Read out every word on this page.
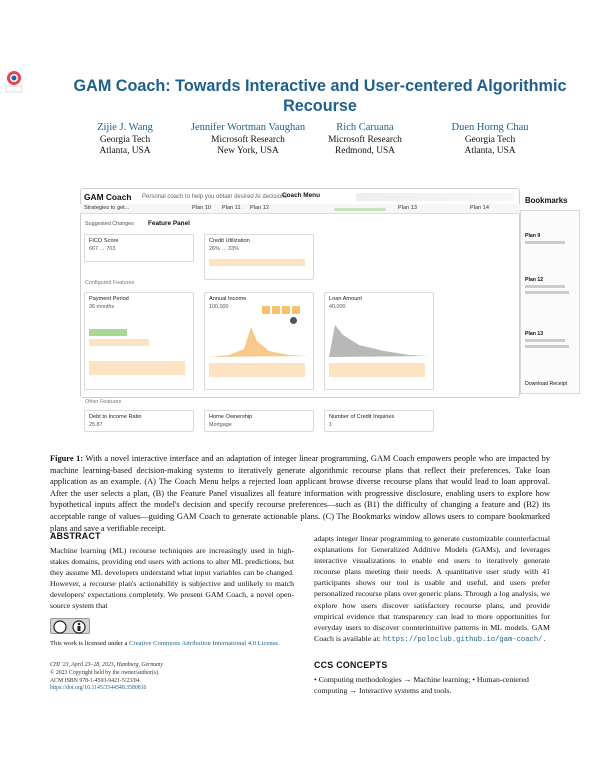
GAM Coach: Towards Interactive and User-centered Algorithmic Recourse
Zijie J. Wang
Georgia Tech
Atlanta, USA
Jennifer Wortman Vaughan
Microsoft Research
New York, USA
Rich Caruana
Microsoft Research
Redmond, USA
Duen Horng Chau
Georgia Tech
Atlanta, USA
GAM Coach Personal coach to help you obtain desired AI decisions
Coach Menu
Bookmarks
Plan 9
Plan 12
Plan 13
Download Receipt
Strategies to get...	Plan 10 Plan 11 Plan 12	Plan 13	Plan 14
Suggested Changes Feature Panel
FICO Score
667 → 703
Credit Utilization
26% → 33%
Configured Features
Payment Period
36 months
Annual Income
100,000
Loan Amount
40,000
Other Features
Debt to Income Ratio
25.87
Home Ownership
Mortgage
Number of Credit Inquiries
1
Figure 1: With a novel interactive interface and an adaptation of integer linear programming, GAM Coach empowers people who are impacted by machine learning-based decision-making systems to iteratively generate algorithmic recourse plans that reflect their preferences. Take loan application as an example. (A) The Coach Menu helps a rejected loan applicant browse diverse recourse plans that would lead to loan approval. After the user selects a plan, (B) the Feature Panel visualizes all feature information with progressive disclosure, enabling users to explore how hypothetical inputs affect the model's decision and specify recourse preferences—such as (B1) the difficulty of changing a feature and (B2) its acceptable range of values—guiding GAM Coach to generate actionable plans. (C) The Bookmarks window allows users to compare bookmarked plans and save a verifiable receipt.
ABSTRACT
Machine learning (ML) recourse techniques are increasingly used in high-stakes domains, providing end users with actions to alter ML predictions, but they assume ML developers understand what input variables can be changed. However, a recourse plan's actionability is subjective and unlikely to match developers' expectations completely. We present GAM Coach, a novel open-source system that
adapts integer linear programming to generate customizable counterfactual explanations for Generalized Additive Models (GAMs), and leverages interactive visualizations to enable end users to iteratively generate recourse plans meeting their needs. A quantitative user study with 41 participants shows our tool is usable and useful, and users prefer personalized recourse plans over generic plans. Through a log analysis, we explore how users discover satisfactory recourse plans, and provide empirical evidence that transparency can lead to more opportunities for everyday users to discover counterintuitive patterns in ML models. GAM Coach is available at: https://poloclub.github.io/gam-coach/.
This work is licensed under a Creative Commons Attribution International 4.0 License.
CHI '23, April 23–28, 2023, Hamburg, Germany
© 2023 Copyright held by the owner/author(s).
ACM ISBN 978-1-4503-9421-5/23/04.
https://doi.org/10.1145/3544548.3580816
CCS CONCEPTS
• Computing methodologies → Machine learning; • Human-centered computing → Interactive systems and tools.
